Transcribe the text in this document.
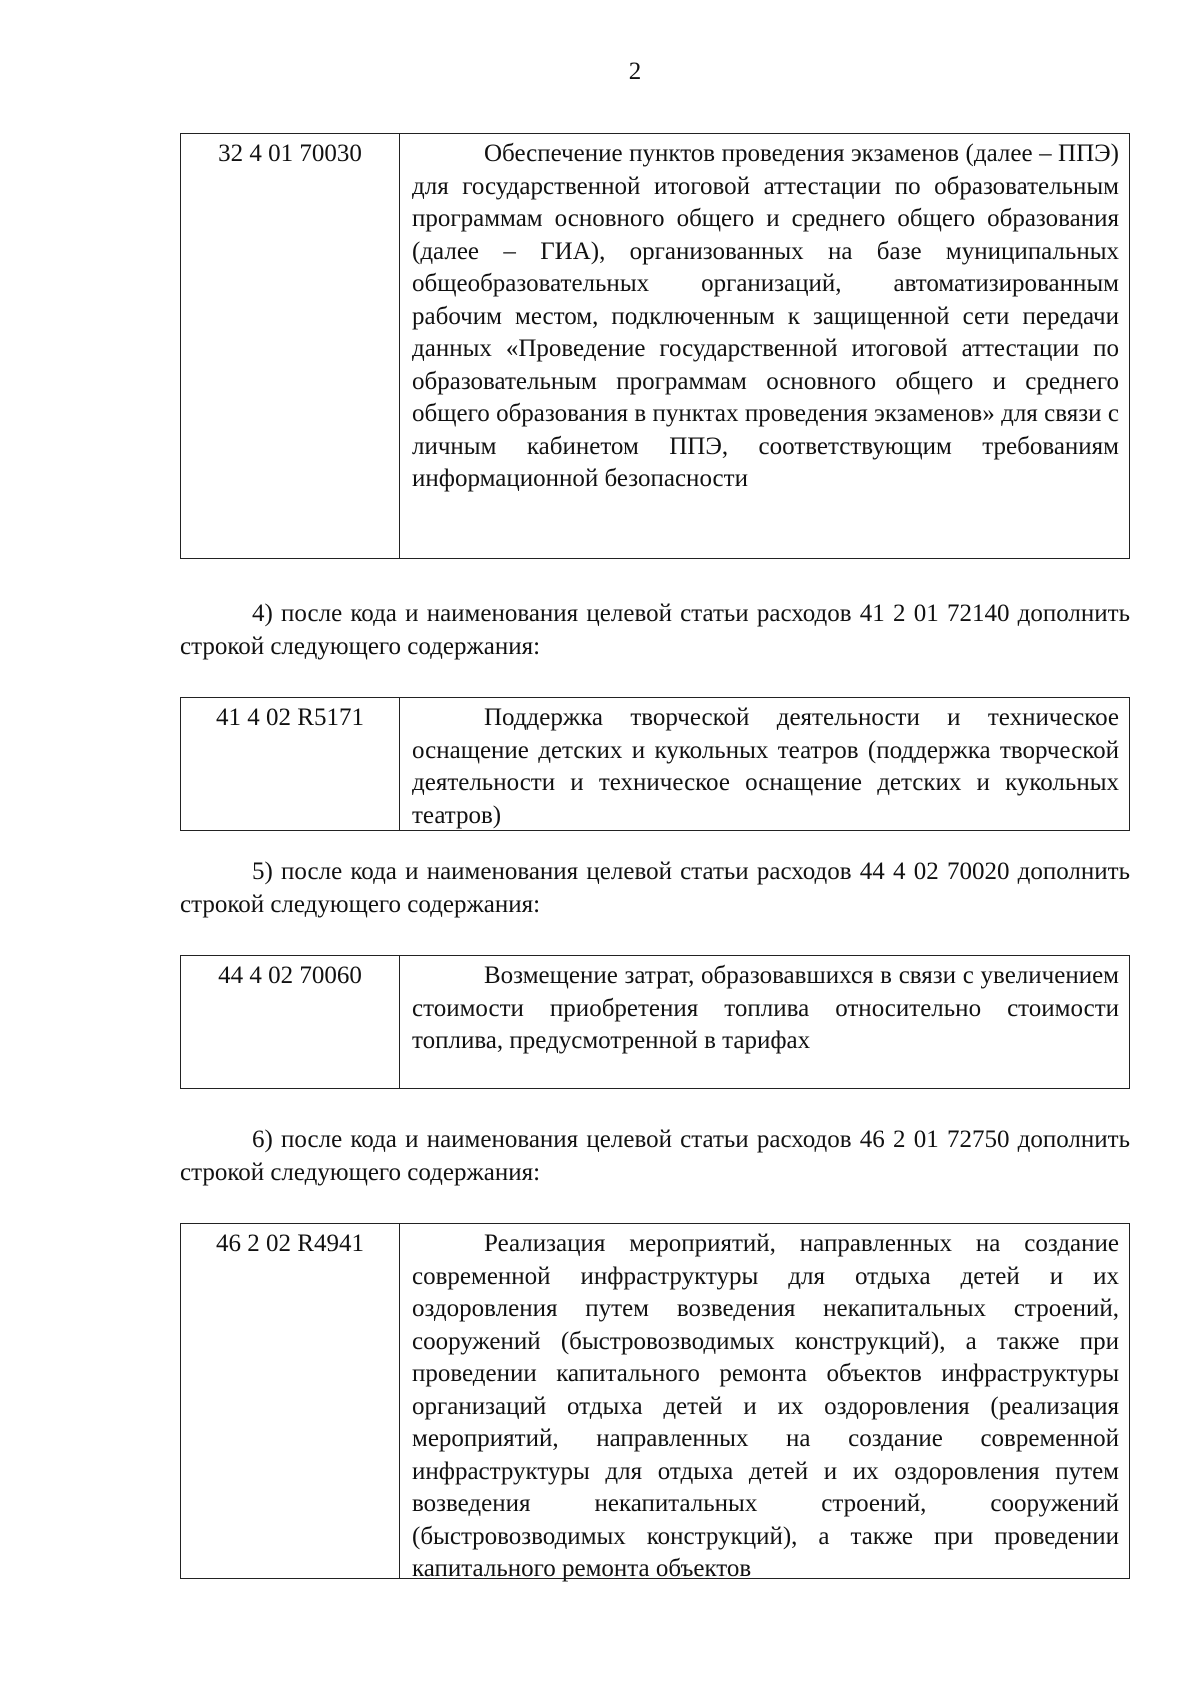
2
32 4 01 70030	Обеспечение пунктов проведения экзаменов (далее – ППЭ) для государственной итоговой аттестации по образовательным программам основного общего и среднего общего образования (далее – ГИА), организованных на базе муниципальных общеобразовательных организаций, автоматизированным рабочим местом, подключенным к защищенной сети передачи данных «Проведение государственной итоговой аттестации по образовательным программам основного общего и среднего общего образования в пунктах проведения экзаменов» для связи с личным кабинетом ППЭ, соответствующим требованиям информационной безопасности
4) после кода и наименования целевой статьи расходов 41 2 01 72140 дополнить строкой следующего содержания:
41 4 02 R5171	Поддержка творческой деятельности и техническое оснащение детских и кукольных театров (поддержка творческой деятельности и техническое оснащение детских и кукольных театров)
5) после кода и наименования целевой статьи расходов 44 4 02 70020 дополнить строкой следующего содержания:
44 4 02 70060	Возмещение затрат, образовавшихся в связи с увеличением стоимости приобретения топлива относительно стоимости топлива, предусмотренной в тарифах
6) после кода и наименования целевой статьи расходов 46 2 01 72750 дополнить строкой следующего содержания:
46 2 02 R4941	Реализация мероприятий, направленных на создание современной инфраструктуры для отдыха детей и их оздоровления путем возведения некапитальных строений, сооружений (быстровозводимых конструкций), а также при проведении капитального ремонта объектов инфраструктуры организаций отдыха детей и их оздоровления (реализация мероприятий, направленных на создание современной инфраструктуры для отдыха детей и их оздоровления путем возведения некапитальных строений, сооружений (быстровозводимых конструкций), а также при проведении капитального ремонта объектов
